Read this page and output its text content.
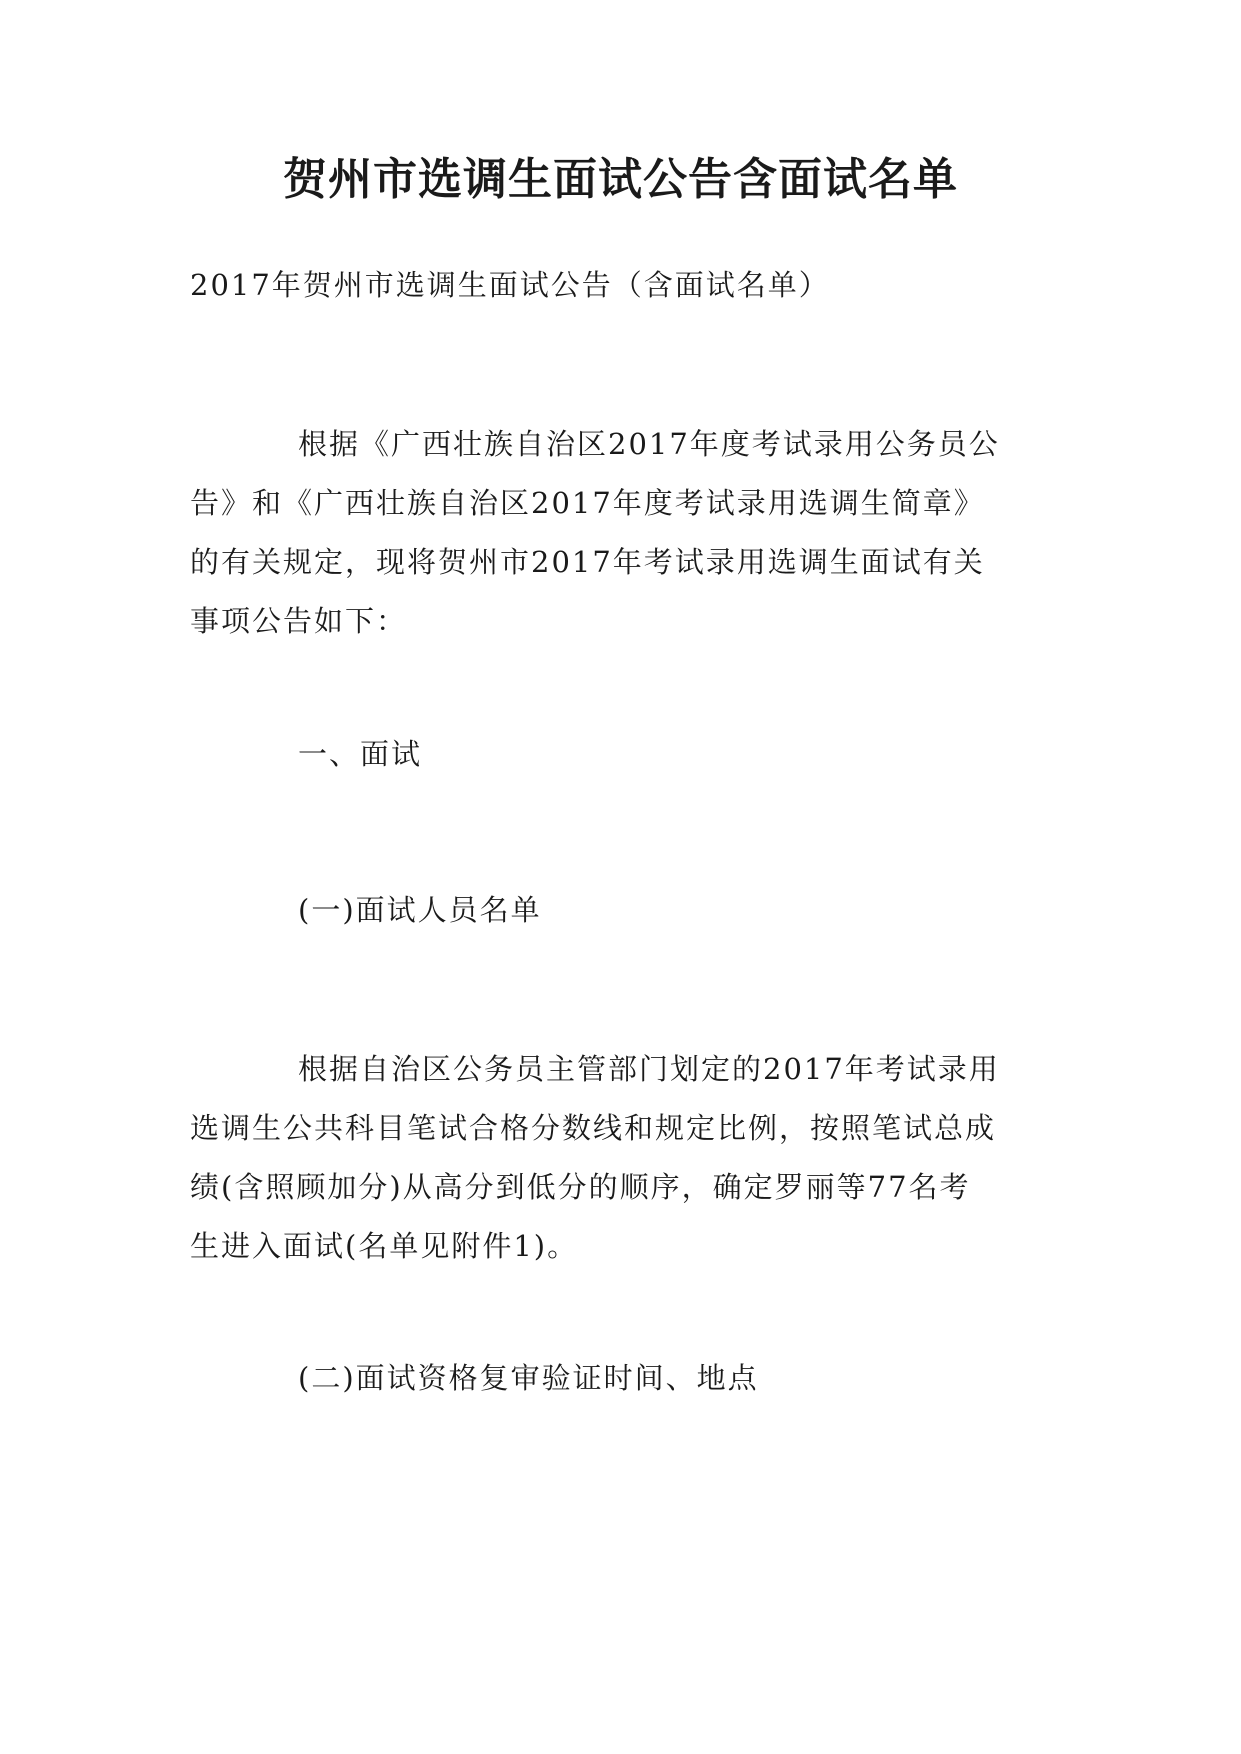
贺州市选调生面试公告含面试名单

2017年贺州市选调生面试公告（含面试名单）

根据《广西壮族自治区2017年度考试录用公务员公
告》和《广西壮族自治区2017年度考试录用选调生简章》
的有关规定，现将贺州市2017年考试录用选调生面试有关
事项公告如下：

一、面试

(一)面试人员名单

根据自治区公务员主管部门划定的2017年考试录用
选调生公共科目笔试合格分数线和规定比例，按照笔试总成
绩(含照顾加分)从高分到低分的顺序，确定罗丽等77名考
生进入面试(名单见附件1)。

(二)面试资格复审验证时间、地点
